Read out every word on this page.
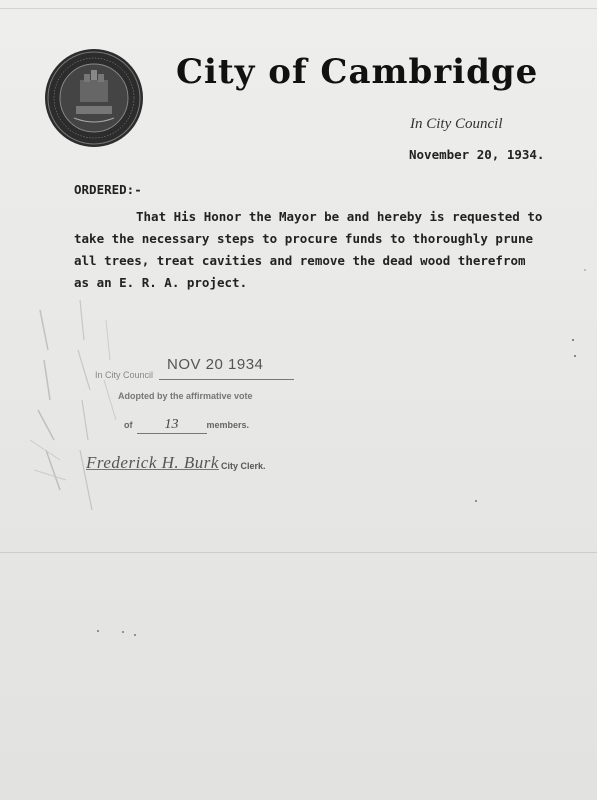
City of Cambridge
In City Council
November 20, 1934.
ORDERED:-
That His Honor the Mayor be and hereby is requested to
take the necessary steps to procure funds to thoroughly prune
all trees, treat cavities and remove the dead wood therefrom
as an E. R. A. project.
NOV 20 1934
In City Council
Adopted by the affirmative vote
of 13	members.
Frederick H. Burk City Clerk.
